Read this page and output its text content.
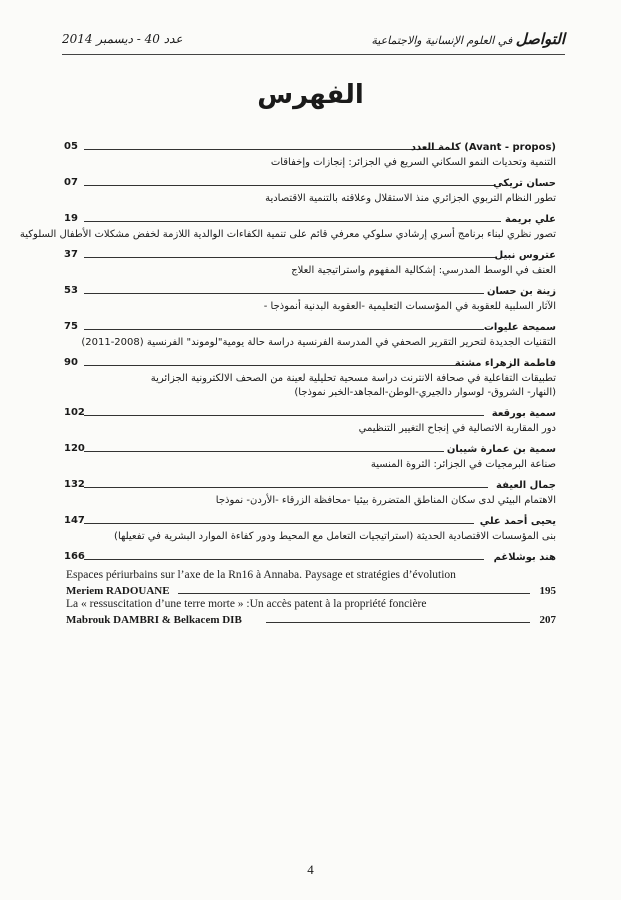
التواصل في العلوم الإنسانية والاجتماعية
عدد 40 - ديسمبر 2014
الفهرس
05	(Avant - propos) كلمة العدد
التنمية وتحديات النمو السكاني السريع في الجزائر: إنجازات وإخفاقات
07	حسان تريكي
تطور النظام التربوي الجزائري منذ الاستقلال وعلاقته بالتنمية الاقتصادية
19	علي بريمة
تصور نظري لبناء برنامج أسري إرشادي سلوكي معرفي قائم على تنمية الكفاءات الوالدية اللازمة لخفض مشكلات الأطفال السلوكية
37	عتروس نبيل
العنف في الوسط المدرسي: إشكالية المفهوم واستراتيجية العلاج
53	زينة بن حسان
الآثار السلبية للعقوبة في المؤسسات التعليمية -العقوبة البدنية أنموذجا -
75	سميحة عليوات
التقنيات الجديدة لتحرير التقرير الصحفي في المدرسة الفرنسية دراسة حالة يومية"لوموند" الفرنسية (2008-2011)
90	فاطمة الزهراء مشتة
تطبيقات التفاعلية في صحافة الانترنت دراسة مسحية تحليلية لعينة من الصحف الالكترونية الجزائرية
(النهار- الشروق- لوسوار دالجيري-الوطن-المجاهد-الخبر نموذجا)
102	سمية بورقعة
دور المقاربة الاتصالية في إنجاح التغيير التنظيمي
120	سمية بن عمارة شيبان
صناعة البرمجيات في الجزائر: الثروة المنسية
132	جمال العيفة
الاهتمام البيئي لدى سكان المناطق المتضررة بيئيا -محافظة الزرقاء -الأردن- نموذجا
147	يحيى أحمد علي
بنى المؤسسات الاقتصادية الحديثة (استراتيجيات التعامل مع المحيط ودور كفاءة الموارد البشرية في تفعيلها)
166	هند بوشلاغم
Espaces périurbains sur l’axe de la Rn16 à Annaba. Paysage et stratégies d’évolution
Meriem RADOUANE	195
La « ressuscitation d’une terre morte » :Un accès patent à la propriété foncière
Mabrouk DAMBRI & Belkacem DIB	207
4
